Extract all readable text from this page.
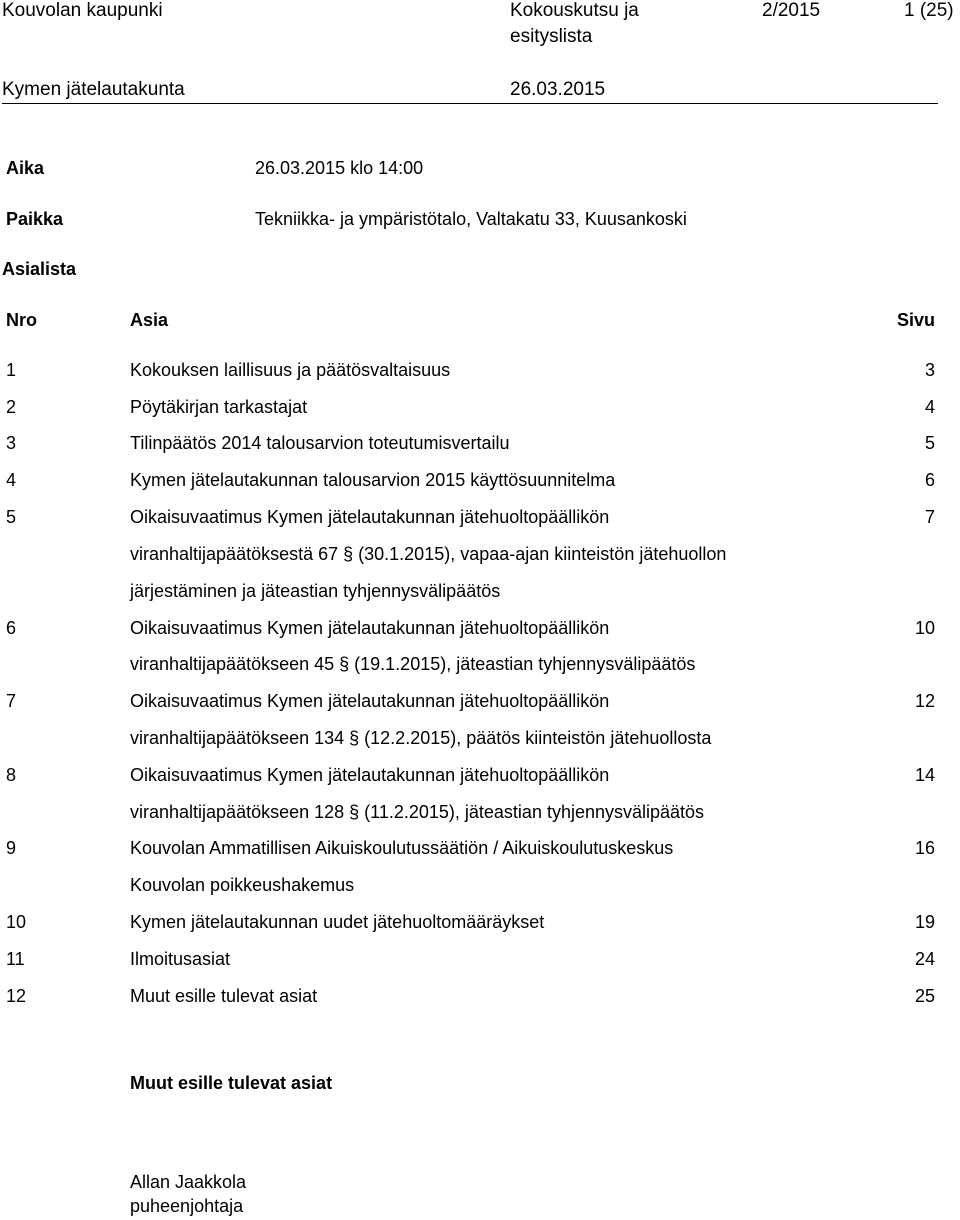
Kouvolan kaupunki	Kokouskutsu ja
esityslista
2/2015	1 (25)
Kymen jätelautakunta	26.03.2015
Aika	26.03.2015 klo 14:00
Paikka	Tekniikka- ja ympäristötalo, Valtakatu 33, Kuusankoski
Asialista
Nro	Asia	Sivu
1	Kokouksen laillisuus ja päätösvaltaisuus	3
2	Pöytäkirjan tarkastajat	4
3	Tilinpäätös 2014 talousarvion toteutumisvertailu	5
4	Kymen jätelautakunnan talousarvion 2015 käyttösuunnitelma	6
5	Oikaisuvaatimus Kymen jätelautakunnan jätehuoltopäällikön	7
viranhaltijapäätöksestä 67 § (30.1.2015), vapaa-ajan kiinteistön jätehuollon
järjestäminen ja jäteastian tyhjennysvälipäätös
6	Oikaisuvaatimus Kymen jätelautakunnan jätehuoltopäällikön	10
viranhaltijapäätökseen 45 § (19.1.2015), jäteastian tyhjennysvälipäätös
7	Oikaisuvaatimus Kymen jätelautakunnan jätehuoltopäällikön	12
viranhaltijapäätökseen 134 § (12.2.2015), päätös kiinteistön jätehuollosta
8	Oikaisuvaatimus Kymen jätelautakunnan jätehuoltopäällikön	14
viranhaltijapäätökseen 128 § (11.2.2015), jäteastian tyhjennysvälipäätös
9	Kouvolan Ammatillisen Aikuiskoulutussäätiön / Aikuiskoulutuskeskus	16
Kouvolan poikkeushakemus
10	Kymen jätelautakunnan uudet jätehuoltomääräykset	19
11	Ilmoitusasiat	24
12	Muut esille tulevat asiat	25
Muut esille tulevat asiat
Allan Jaakkola
puheenjohtaja
